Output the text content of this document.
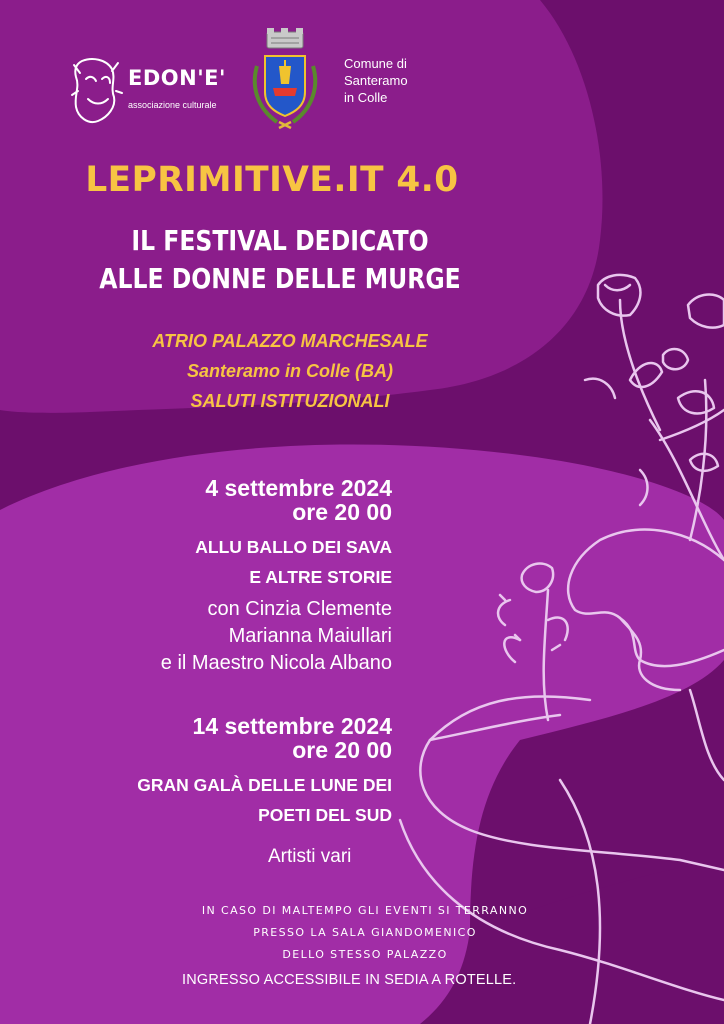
EDON'E'
associazione culturale
Comune di
Santeramo
in Colle
LEPRIMITIVE.IT 4.0
IL FESTIVAL DEDICATO
ALLE DONNE DELLE MURGE
ATRIO PALAZZO MARCHESALE
Santeramo in Colle (BA)
SALUTI ISTITUZIONALI
4 settembre 2024
ore 20 00
ALLU BALLO DEI SAVA
E ALTRE STORIE
con Cinzia Clemente
Marianna Maiullari
e il Maestro Nicola Albano
14 settembre 2024
ore 20 00
GRAN GALÀ DELLE LUNE DEI
POETI DEL SUD
Artisti vari
IN CASO DI MALTEMPO GLI EVENTI SI TERRANNO
PRESSO LA SALA GIANDOMENICO
DELLO STESSO PALAZZO
INGRESSO ACCESSIBILE IN SEDIA A ROTELLE.
